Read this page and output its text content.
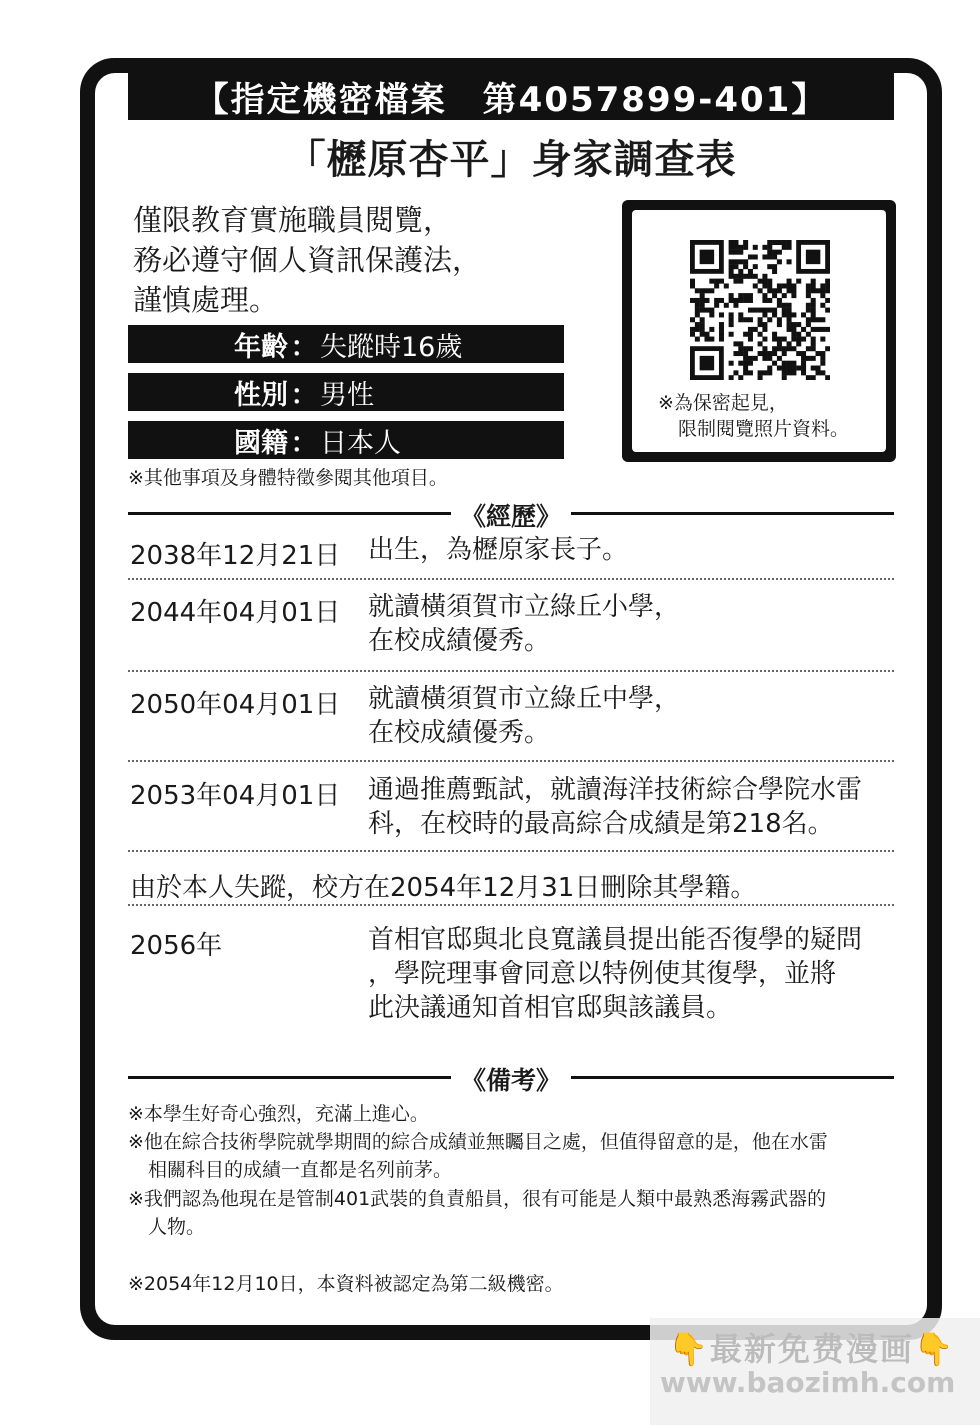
【指定機密檔案　第4057899-401】
「櫪原杏平」身家調查表
僅限教育實施職員閱覽，
務必遵守個人資訊保護法，
謹慎處理。
年齡 ： 失蹤時16歲
性別 ： 男性
國籍 ： 日本人
※其他事項及身體特徵參閱其他項目。
※為保密起見，
限制閱覽照片資料。
《經歷》
2038年12月21日 出生，為櫪原家長子。
2044年04月01日 就讀橫須賀市立綠丘小學，
在校成績優秀。
2050年04月01日 就讀橫須賀市立綠丘中學，
在校成績優秀。
2053年04月01日 通過推薦甄試，就讀海洋技術綜合學院水雷
科，在校時的最高綜合成績是第218名。
由於本人失蹤，校方在2054年12月31日刪除其學籍。
2056年	首相官邸與北良寬議員提出能否復學的疑問
，學院理事會同意以特例使其復學，並將
此決議通知首相官邸與該議員。
《備考》
※本學生好奇心強烈，充滿上進心。
※他在綜合技術學院就學期間的綜合成績並無矚目之處，但值得留意的是，他在水雷
相關科目的成績一直都是名列前茅。
※我們認為他現在是管制401武裝的負責船員，很有可能是人類中最熟悉海霧武器的
人物。
※2054年12月10日，本資料被認定為第二級機密。
👇最新免费漫画👇
www.baozimh.com
